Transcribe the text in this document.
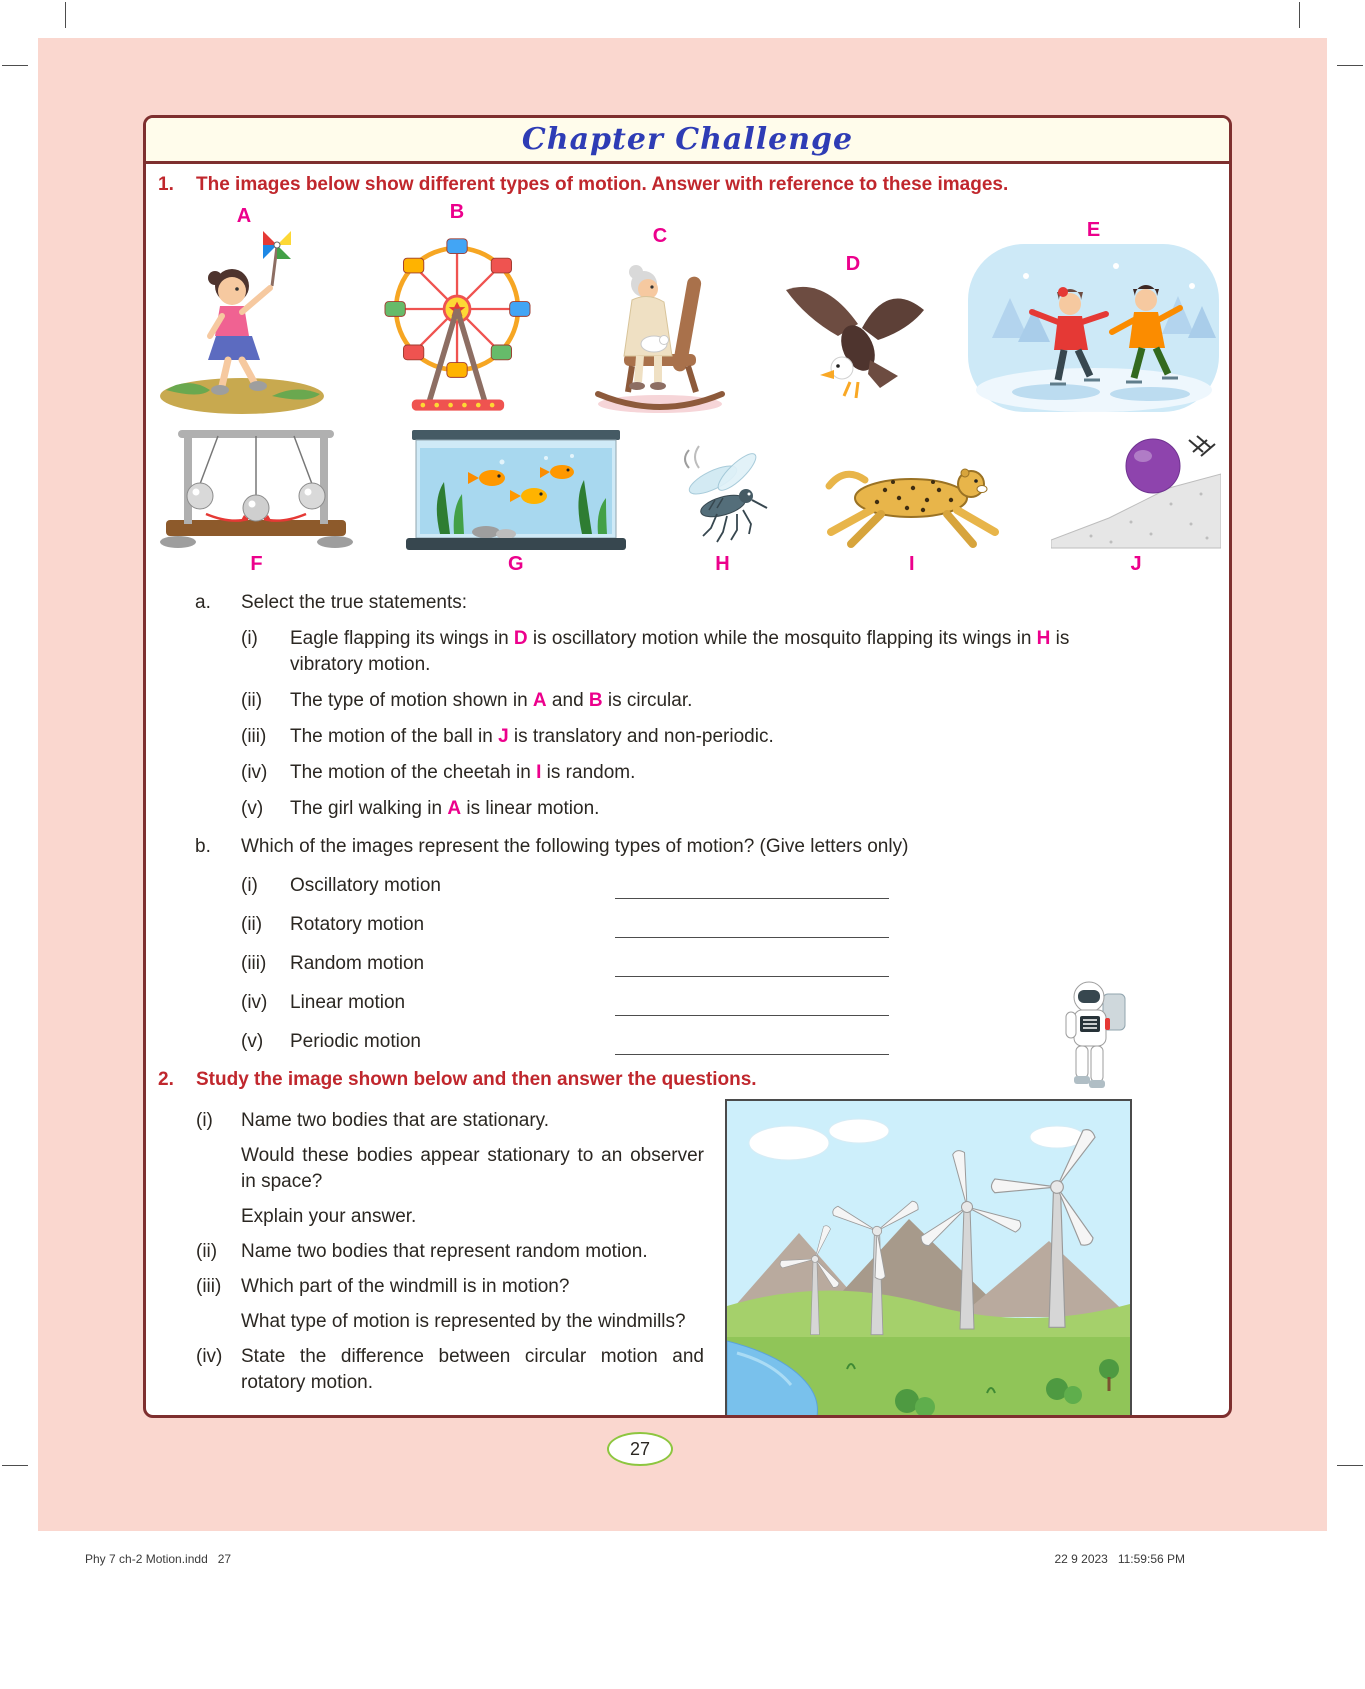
Chapter Challenge
1.	The images below show different types of motion. Answer with reference to these images.
A	B
C
D
E
F	G	H	I	J
a.	Select the true statements:
(i)	Eagle flapping its wings in D is oscillatory motion while the mosquito flapping its wings in H is vibratory motion.
(ii)	The type of motion shown in A and B is circular.
(iii)	The motion of the ball in J is translatory and non-periodic.
(iv)	The motion of the cheetah in I is random.
(v)	The girl walking in A is linear motion.
b.	Which of the images represent the following types of motion? (Give letters only)
(i)	Oscillatory motion
(ii)	Rotatory motion
(iii)	Random motion
(iv)	Linear motion
(v)	Periodic motion
2.	Study the image shown below and then answer the questions.
(i)	Name two bodies that are stationary.

Would these bodies appear stationary to an observer in space?

Explain your answer.

(ii)	Name two bodies that represent random motion.

(iii)	Which part of the windmill is in motion?

What type of motion is represented by the windmills?

(iv) State the difference between circular motion and rotatory motion.

27
Phy 7 ch-2 Motion.indd   27	22 9 2023   11:59:56 PM
